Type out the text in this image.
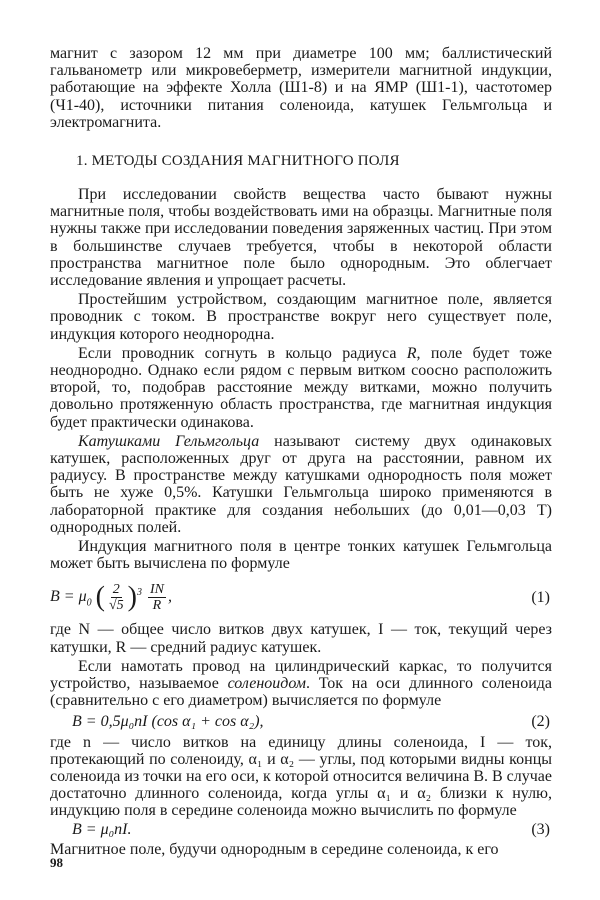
магнит с зазором 12 мм при диаметре 100 мм; баллистический гальванометр или микровеберметр, измерители магнитной индукции, работающие на эффекте Холла (Ш1-8) и на ЯМР (Ш1-1), частотомер (Ч1-40), источники питания соленоида, катушек Гельмгольца и электромагнита.

1. МЕТОДЫ СОЗДАНИЯ МАГНИТНОГО ПОЛЯ

При исследовании свойств вещества часто бывают нужны магнитные поля, чтобы воздействовать ими на образцы. Магнитные поля нужны также при исследовании поведения заряженных частиц. При этом в большинстве случаев требуется, чтобы в некоторой области пространства магнитное поле было однородным. Это облегчает исследование явления и упрощает расчеты.

Простейшим устройством, создающим магнитное поле, является проводник с током. В пространстве вокруг него существует поле, индукция которого неоднородна.

Если проводник согнуть в кольцо радиуса R, поле будет тоже неоднородно. Однако если рядом с первым витком соосно расположить второй, то, подобрав расстояние между витками, можно получить довольно протяженную область пространства, где магнитная индукция будет практически одинакова.

Катушками Гельмгольца называют систему двух одинаковых катушек, расположенных друг от друга на расстоянии, равном их радиусу. В пространстве между катушками однородность поля может быть не хуже 0,5%. Катушки Гельмгольца широко применяются в лабораторной практике для создания небольших (до 0,01—0,03 Т) однородных полей.

Индукция магнитного поля в центре тонких катушек Гельмгольца может быть вычислена по формуле

$B = \mu_0$ ( $\frac{2}{√5} )^3 \frac{IN}{R}$ ,	(1)

где N — общее число витков двух катушек, I — ток, текущий через катушки, R — средний радиус катушек.

Если намотать провод на цилиндрический каркас, то получится устройство, называемое соленоидом. Ток на оси длинного соленоида (сравнительно с его диаметром) вычисляется по формуле

B = 0,5μ₀nI (cos α₁ + cos α₂),	(2)

где n — число витков на единицу длины соленоида, I — ток, протекающий по соленоиду, α₁ и α₂ — углы, под которыми видны концы соленоида из точки на его оси, к которой относится величина B. В случае достаточно длинного соленоида, когда углы α₁ и α₂ близки к нулю, индукцию поля в середине соленоида можно вычислить по формуле

B = μ₀nI.	(3)

Магнитное поле, будучи однородным в середине соленоида, к его

98
